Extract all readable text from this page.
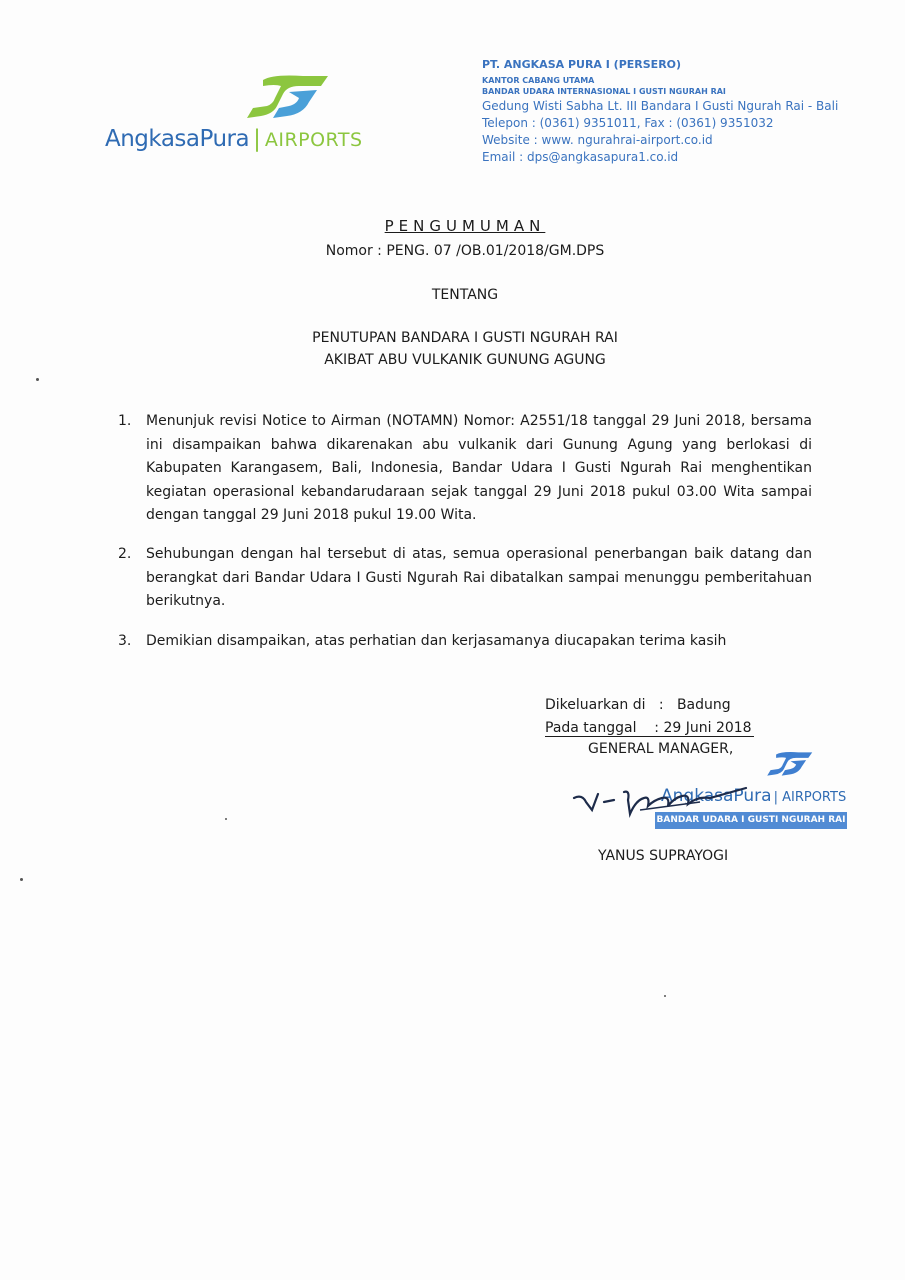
AngkasaPura | AIRPORTS
PT. ANGKASA PURA I (PERSERO)
KANTOR CABANG UTAMA
BANDAR UDARA INTERNASIONAL I GUSTI NGURAH RAI
Gedung Wisti Sabha Lt. III Bandara I Gusti Ngurah Rai - Bali
Telepon : (0361) 9351011, Fax : (0361) 9351032
Website : www. ngurahrai-airport.co.id
Email : dps@angkasapura1.co.id
PENGUMUMAN
Nomor : PENG. 07 /OB.01/2018/GM.DPS
TENTANG
PENUTUPAN BANDARA I GUSTI NGURAH RAI
AKIBAT ABU VULKANIK GUNUNG AGUNG
1. Menunjuk revisi Notice to Airman (NOTAMN) Nomor: A2551/18 tanggal 29 Juni 2018, bersama ini disampaikan bahwa dikarenakan abu vulkanik dari Gunung Agung yang berlokasi di Kabupaten Karangasem, Bali, Indonesia, Bandar Udara I Gusti Ngurah Rai menghentikan kegiatan operasional kebandarudaraan sejak tanggal 29 Juni 2018 pukul 03.00 Wita sampai dengan tanggal 29 Juni 2018 pukul 19.00 Wita.
2. Sehubungan dengan hal tersebut di atas, semua operasional penerbangan baik datang dan berangkat dari Bandar Udara I Gusti Ngurah Rai dibatalkan sampai menunggu pemberitahuan berikutnya.
3. Demikian disampaikan, atas perhatian dan kerjasamanya diucapakan terima kasih
Dikeluarkan di   :   Badung
Pada tanggal    : 29 Juni 2018
GENERAL MANAGER,
AngkasaPura | AIRPORTS
BANDAR UDARA I GUSTI NGURAH RAI
YANUS SUPRAYOGI
